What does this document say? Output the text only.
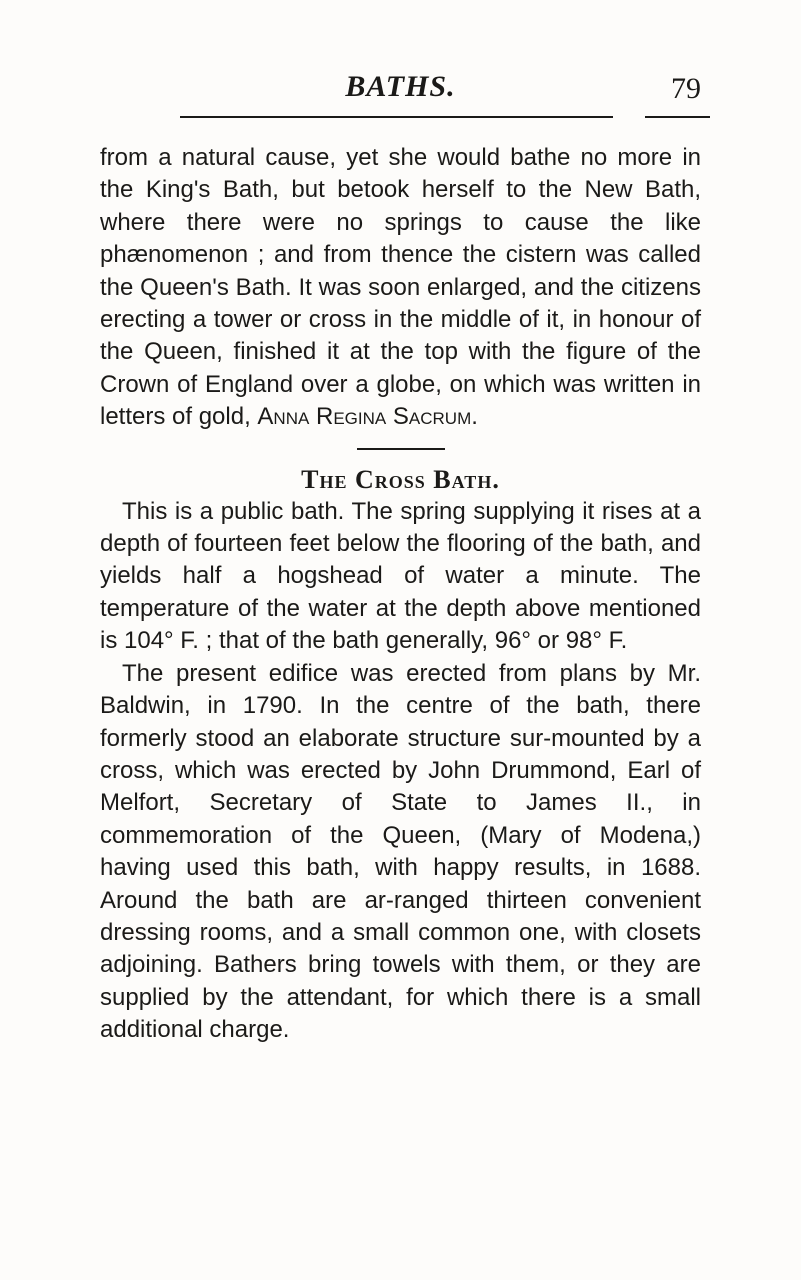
BATHS.	79

from a natural cause, yet she would bathe no more in the King's Bath, but betook herself to the New Bath, where there were no springs to cause the like phænomenon ; and from thence the cistern was called the Queen's Bath. It was soon enlarged, and the citizens erecting a tower or cross in the middle of it, in honour of the Queen, finished it at the top with the figure of the Crown of England over a globe, on which was written in letters of gold, Anna Regina Sacrum.

The Cross Bath.

This is a public bath. The spring supplying it rises at a depth of fourteen feet below the flooring of the bath, and yields half a hogshead of water a minute. The temperature of the water at the depth above mentioned is 104° F. ; that of the bath generally, 96° or 98° F.

The present edifice was erected from plans by Mr. Baldwin, in 1790. In the centre of the bath, there formerly stood an elaborate structure sur-mounted by a cross, which was erected by John Drummond, Earl of Melfort, Secretary of State to James II., in commemoration of the Queen, (Mary of Modena,) having used this bath, with happy results, in 1688. Around the bath are ar-ranged thirteen convenient dressing rooms, and a small common one, with closets adjoining. Bathers bring towels with them, or they are supplied by the attendant, for which there is a small additional charge.
